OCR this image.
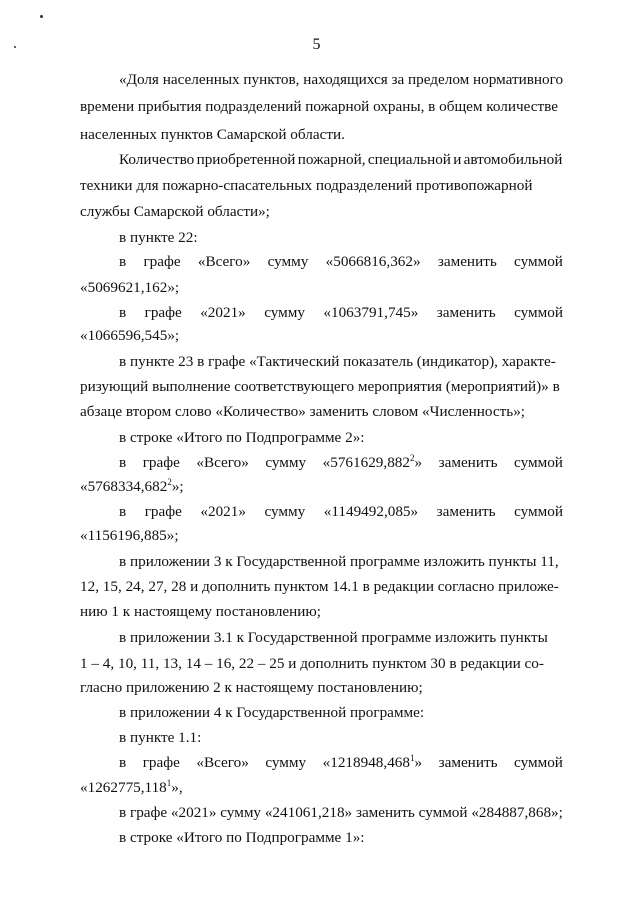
5
«Доля населенных пунктов, находящихся за пределом нормативного
времени прибытия подразделений пожарной охраны, в общем количестве
населенных пунктов Самарской области.
Количество приобретенной пожарной, специальной и автомобильной
техники для пожарно-спасательных подразделений противопожарной
службы Самарской области»;
в пункте 22:
в графе «Всего» сумму «5066816,362» заменить суммой
«5069621,162»;
в графе «2021» сумму «1063791,745» заменить суммой
«1066596,545»;
в пункте 23 в графе «Тактический показатель (индикатор), характе-
ризующий выполнение соответствующего мероприятия (мероприятий)» в
абзаце втором слово «Количество» заменить словом «Численность»;
в строке «Итого по Подпрограмме 2»:
в графе «Всего» сумму «5761629,882$^2$» заменить суммой
«5768334,682$^2$»;
в графе «2021» сумму «1149492,085» заменить суммой
«1156196,885»;
в приложении 3 к Государственной программе изложить пункты 11,
12, 15, 24, 27, 28 и дополнить пунктом 14.1 в редакции согласно приложе-
нию 1 к настоящему постановлению;
в приложении 3.1 к Государственной программе изложить пункты
1 – 4, 10, 11, 13, 14 – 16, 22 – 25 и дополнить пунктом 30 в редакции со-
гласно приложению 2 к настоящему постановлению;
в приложении 4 к Государственной программе:
в пункте 1.1:
в графе «Всего» сумму «1218948,468$^1$» заменить суммой
«1262775,118$^1$»,
в графе «2021» сумму «241061,218» заменить суммой «284887,868»;
в строке «Итого по Подпрограмме 1»:
